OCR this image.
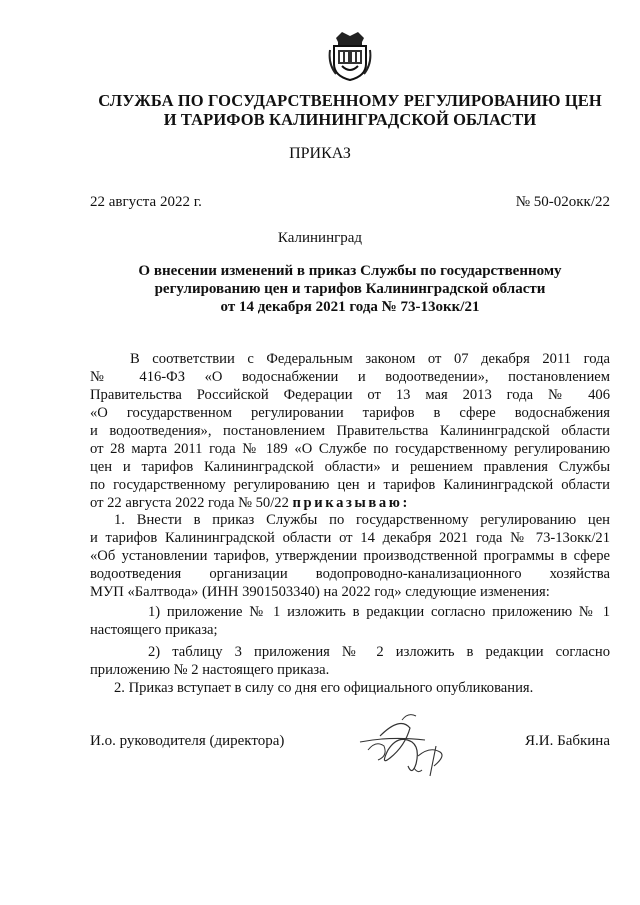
СЛУЖБА ПО ГОСУДАРСТВЕННОМУ РЕГУЛИРОВАНИЮ ЦЕН
И ТАРИФОВ КАЛИНИНГРАДСКОЙ ОБЛАСТИ
ПРИКАЗ
22 августа 2022 г.	№ 50-02окк/22
Калининград
О внесении изменений в приказ Службы по государственному
регулированию цен и тарифов Калининградской области
от 14 декабря 2021 года № 73-13окк/21
В соответствии с Федеральным законом от 07 декабря 2011 года
№ 416-ФЗ «О водоснабжении и водоотведении», постановлением
Правительства Российской Федерации от 13 мая 2013 года № 406
«О государственном регулировании тарифов в сфере водоснабжения
и водоотведения», постановлением Правительства Калининградской области
от 28 марта 2011 года № 189 «О Службе по государственному регулированию
цен и тарифов Калининградской области» и решением правления Службы
по государственному регулированию цен и тарифов Калининградской области
от 22 августа 2022 года № 50/22 приказываю:
1. Внести в приказ Службы по государственному регулированию цен
и тарифов Калининградской области от 14 декабря 2021 года № 73-13окк/21
«Об установлении тарифов, утверждении производственной программы в сфере
водоотведения организации водопроводно-канализационного хозяйства
МУП «Балтвода» (ИНН 3901503340) на 2022 год» следующие изменения:
1) приложение № 1 изложить в редакции согласно приложению № 1
настоящего приказа;
2) таблицу 3 приложения № 2 изложить в редакции согласно
приложению № 2 настоящего приказа.
2. Приказ вступает в силу со дня его официального опубликования.
И.о. руководителя (директора)	Я.И. Бабкина
